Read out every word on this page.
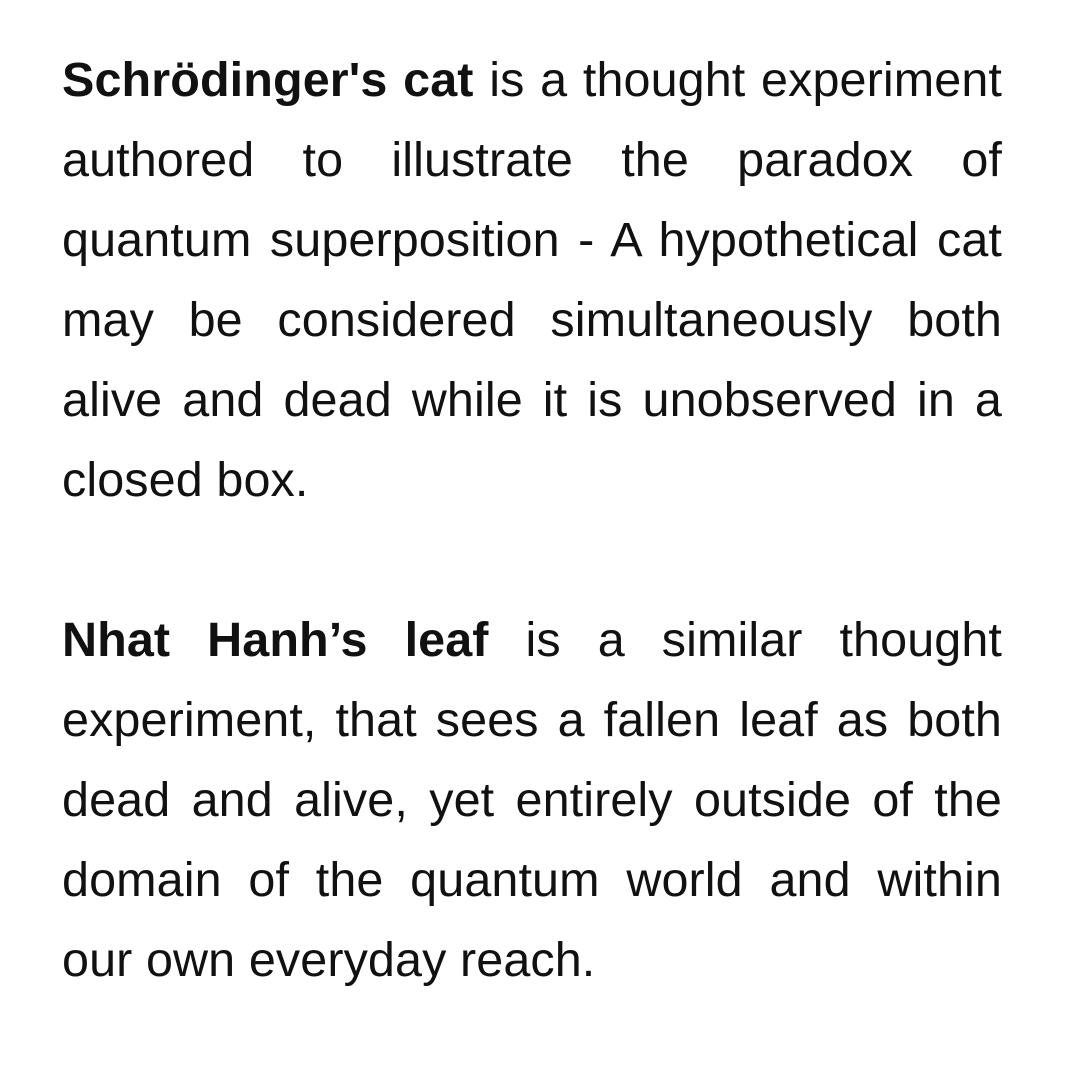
Schrödinger's cat is a thought experiment authored to illustrate the paradox of quantum superposition - A hypothetical cat may be considered simultaneously both alive and dead while it is unobserved in a closed box.

Nhat Hanh’s leaf is a similar thought experiment, that sees a fallen leaf as both dead and alive, yet entirely outside of the domain of the quantum world and within our own everyday reach.
